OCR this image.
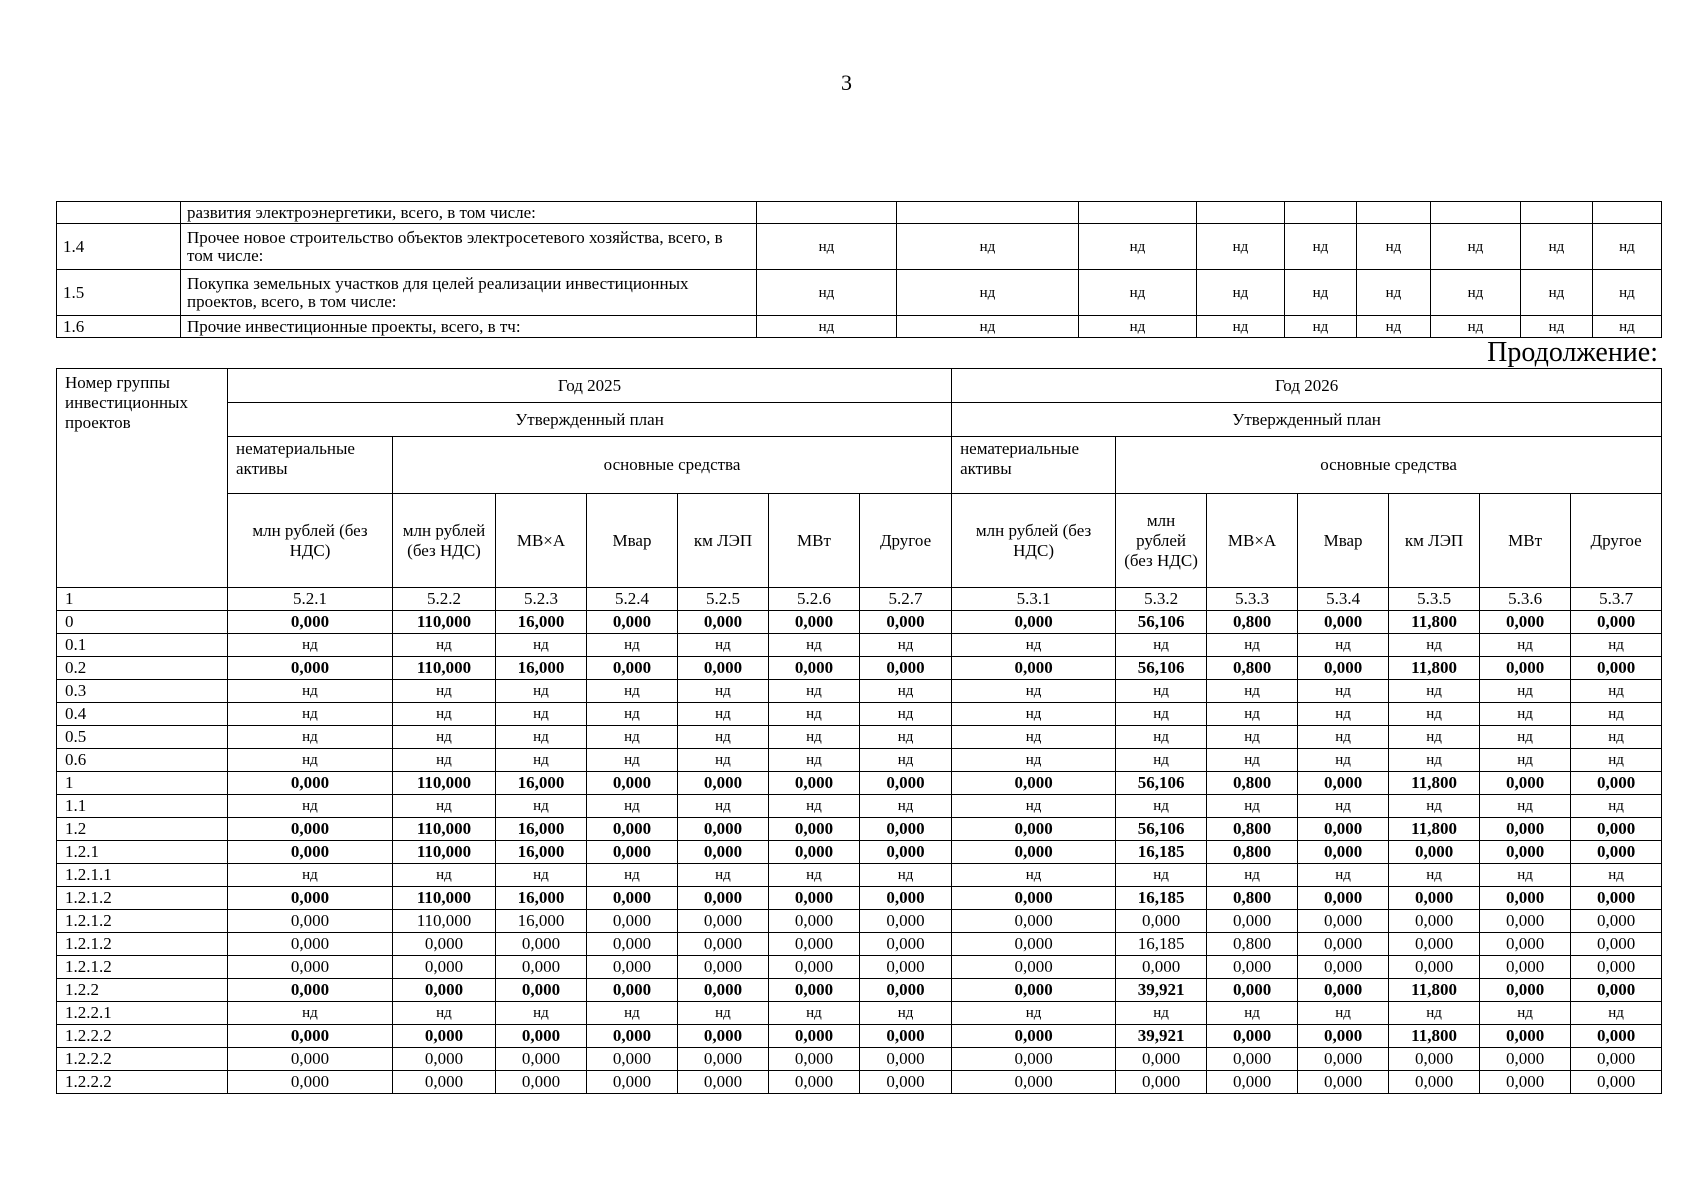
3
	развития электроэнергетики, всего, в том числе:									
1.4	Прочее новое строительство объектов электросетевого хозяйства, всего, в том числе:	нд	нд	нд	нд	нд	нд	нд	нд	нд
1.5	Покупка земельных участков для целей реализации инвестиционных проектов, всего, в том числе:	нд	нд	нд	нд	нд	нд	нд	нд	нд
1.6	Прочие инвестиционные проекты, всего, в тч:	нд	нд	нд	нд	нд	нд	нд	нд	нд
Продолжение:
Номер группы инвестиционных проектов	Год 2025							Год 2026						
	Утвержденный план							Утвержденный план						
	нематериальные активы	основные средства						нематериальные активы	основные средства					
	млн рублей (без НДС)	млн рублей (без НДС)	МВ×А	Мвар	км ЛЭП	МВт	Другое	млн рублей (без НДС)	млн рублей (без НДС)	МВ×А	Мвар	км ЛЭП	МВт	Другое
1	5.2.1	5.2.2	5.2.3	5.2.4	5.2.5	5.2.6	5.2.7	5.3.1	5.3.2	5.3.3	5.3.4	5.3.5	5.3.6	5.3.7
0	0,000	110,000	16,000	0,000	0,000	0,000	0,000	0,000	56,106	0,800	0,000	11,800	0,000	0,000
0.1	нд	нд	нд	нд	нд	нд	нд	нд	нд	нд	нд	нд	нд	нд
0.2	0,000	110,000	16,000	0,000	0,000	0,000	0,000	0,000	56,106	0,800	0,000	11,800	0,000	0,000
0.3	нд	нд	нд	нд	нд	нд	нд	нд	нд	нд	нд	нд	нд	нд
0.4	нд	нд	нд	нд	нд	нд	нд	нд	нд	нд	нд	нд	нд	нд
0.5	нд	нд	нд	нд	нд	нд	нд	нд	нд	нд	нд	нд	нд	нд
0.6	нд	нд	нд	нд	нд	нд	нд	нд	нд	нд	нд	нд	нд	нд
1	0,000	110,000	16,000	0,000	0,000	0,000	0,000	0,000	56,106	0,800	0,000	11,800	0,000	0,000
1.1	нд	нд	нд	нд	нд	нд	нд	нд	нд	нд	нд	нд	нд	нд
1.2	0,000	110,000	16,000	0,000	0,000	0,000	0,000	0,000	56,106	0,800	0,000	11,800	0,000	0,000
1.2.1	0,000	110,000	16,000	0,000	0,000	0,000	0,000	0,000	16,185	0,800	0,000	0,000	0,000	0,000
1.2.1.1	нд	нд	нд	нд	нд	нд	нд	нд	нд	нд	нд	нд	нд	нд
1.2.1.2	0,000	110,000	16,000	0,000	0,000	0,000	0,000	0,000	16,185	0,800	0,000	0,000	0,000	0,000
1.2.1.2	0,000	110,000	16,000	0,000	0,000	0,000	0,000	0,000	0,000	0,000	0,000	0,000	0,000	0,000
1.2.1.2	0,000	0,000	0,000	0,000	0,000	0,000	0,000	0,000	16,185	0,800	0,000	0,000	0,000	0,000
1.2.1.2	0,000	0,000	0,000	0,000	0,000	0,000	0,000	0,000	0,000	0,000	0,000	0,000	0,000	0,000
1.2.2	0,000	0,000	0,000	0,000	0,000	0,000	0,000	0,000	39,921	0,000	0,000	11,800	0,000	0,000
1.2.2.1	нд	нд	нд	нд	нд	нд	нд	нд	нд	нд	нд	нд	нд	нд
1.2.2.2	0,000	0,000	0,000	0,000	0,000	0,000	0,000	0,000	39,921	0,000	0,000	11,800	0,000	0,000
1.2.2.2	0,000	0,000	0,000	0,000	0,000	0,000	0,000	0,000	0,000	0,000	0,000	0,000	0,000	0,000
1.2.2.2	0,000	0,000	0,000	0,000	0,000	0,000	0,000	0,000	0,000	0,000	0,000	0,000	0,000	0,000
